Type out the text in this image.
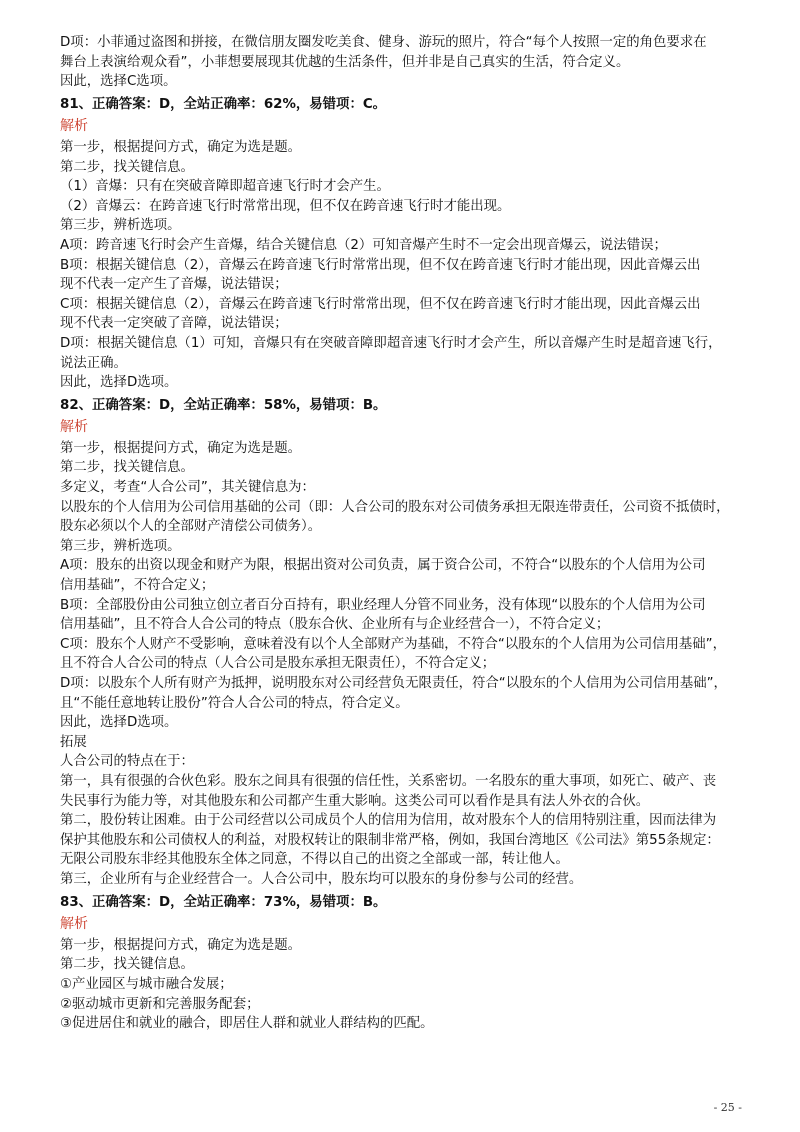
D项：小菲通过盗图和拼接，在微信朋友圈发吃美食、健身、游玩的照片，符合“每个人按照一定的角色要求在
舞台上表演给观众看”，小菲想要展现其优越的生活条件，但并非是自己真实的生活，符合定义。
因此，选择C选项。
81、正确答案：D，全站正确率：62%，易错项：C。
解析
第一步，根据提问方式，确定为选是题。
第二步，找关键信息。
（1）音爆：只有在突破音障即超音速飞行时才会产生。
（2）音爆云：在跨音速飞行时常常出现，但不仅在跨音速飞行时才能出现。
第三步，辨析选项。
A项：跨音速飞行时会产生音爆，结合关键信息（2）可知音爆产生时不一定会出现音爆云，说法错误；
B项：根据关键信息（2），音爆云在跨音速飞行时常常出现，但不仅在跨音速飞行时才能出现，因此音爆云出
现不代表一定产生了音爆，说法错误；
C项：根据关键信息（2），音爆云在跨音速飞行时常常出现，但不仅在跨音速飞行时才能出现，因此音爆云出
现不代表一定突破了音障，说法错误；
D项：根据关键信息（1）可知，音爆只有在突破音障即超音速飞行时才会产生，所以音爆产生时是超音速飞行，
说法正确。
因此，选择D选项。
82、正确答案：D，全站正确率：58%，易错项：B。
解析
第一步，根据提问方式，确定为选是题。
第二步，找关键信息。
多定义，考查“人合公司”，其关键信息为：
以股东的个人信用为公司信用基础的公司（即：人合公司的股东对公司债务承担无限连带责任，公司资不抵债时，
股东必须以个人的全部财产清偿公司债务）。
第三步，辨析选项。
A项：股东的出资以现金和财产为限，根据出资对公司负责，属于资合公司，不符合“以股东的个人信用为公司
信用基础”，不符合定义；
B项：全部股份由公司独立创立者百分百持有，职业经理人分管不同业务，没有体现“以股东的个人信用为公司
信用基础”，且不符合人合公司的特点（股东合伙、企业所有与企业经营合一），不符合定义；
C项：股东个人财产不受影响，意味着没有以个人全部财产为基础，不符合“以股东的个人信用为公司信用基础”，
且不符合人合公司的特点（人合公司是股东承担无限责任），不符合定义；
D项：以股东个人所有财产为抵押，说明股东对公司经营负无限责任，符合“以股东的个人信用为公司信用基础”，
且“不能任意地转让股份”符合人合公司的特点，符合定义。
因此，选择D选项。
拓展
人合公司的特点在于：
第一，具有很强的合伙色彩。股东之间具有很强的信任性，关系密切。一名股东的重大事项，如死亡、破产、丧
失民事行为能力等，对其他股东和公司都产生重大影响。这类公司可以看作是具有法人外衣的合伙。
第二，股份转让困难。由于公司经营以公司成员个人的信用为信用，故对股东个人的信用特别注重，因而法律为
保护其他股东和公司债权人的利益，对股权转让的限制非常严格，例如，我国台湾地区《公司法》第55条规定：
无限公司股东非经其他股东全体之同意，不得以自己的出资之全部或一部，转让他人。
第三，企业所有与企业经营合一。人合公司中，股东均可以股东的身份参与公司的经营。
83、正确答案：D，全站正确率：73%，易错项：B。
解析
第一步，根据提问方式，确定为选是题。
第二步，找关键信息。
①产业园区与城市融合发展；
②驱动城市更新和完善服务配套；
③促进居住和就业的融合，即居住人群和就业人群结构的匹配。
- 25 -
